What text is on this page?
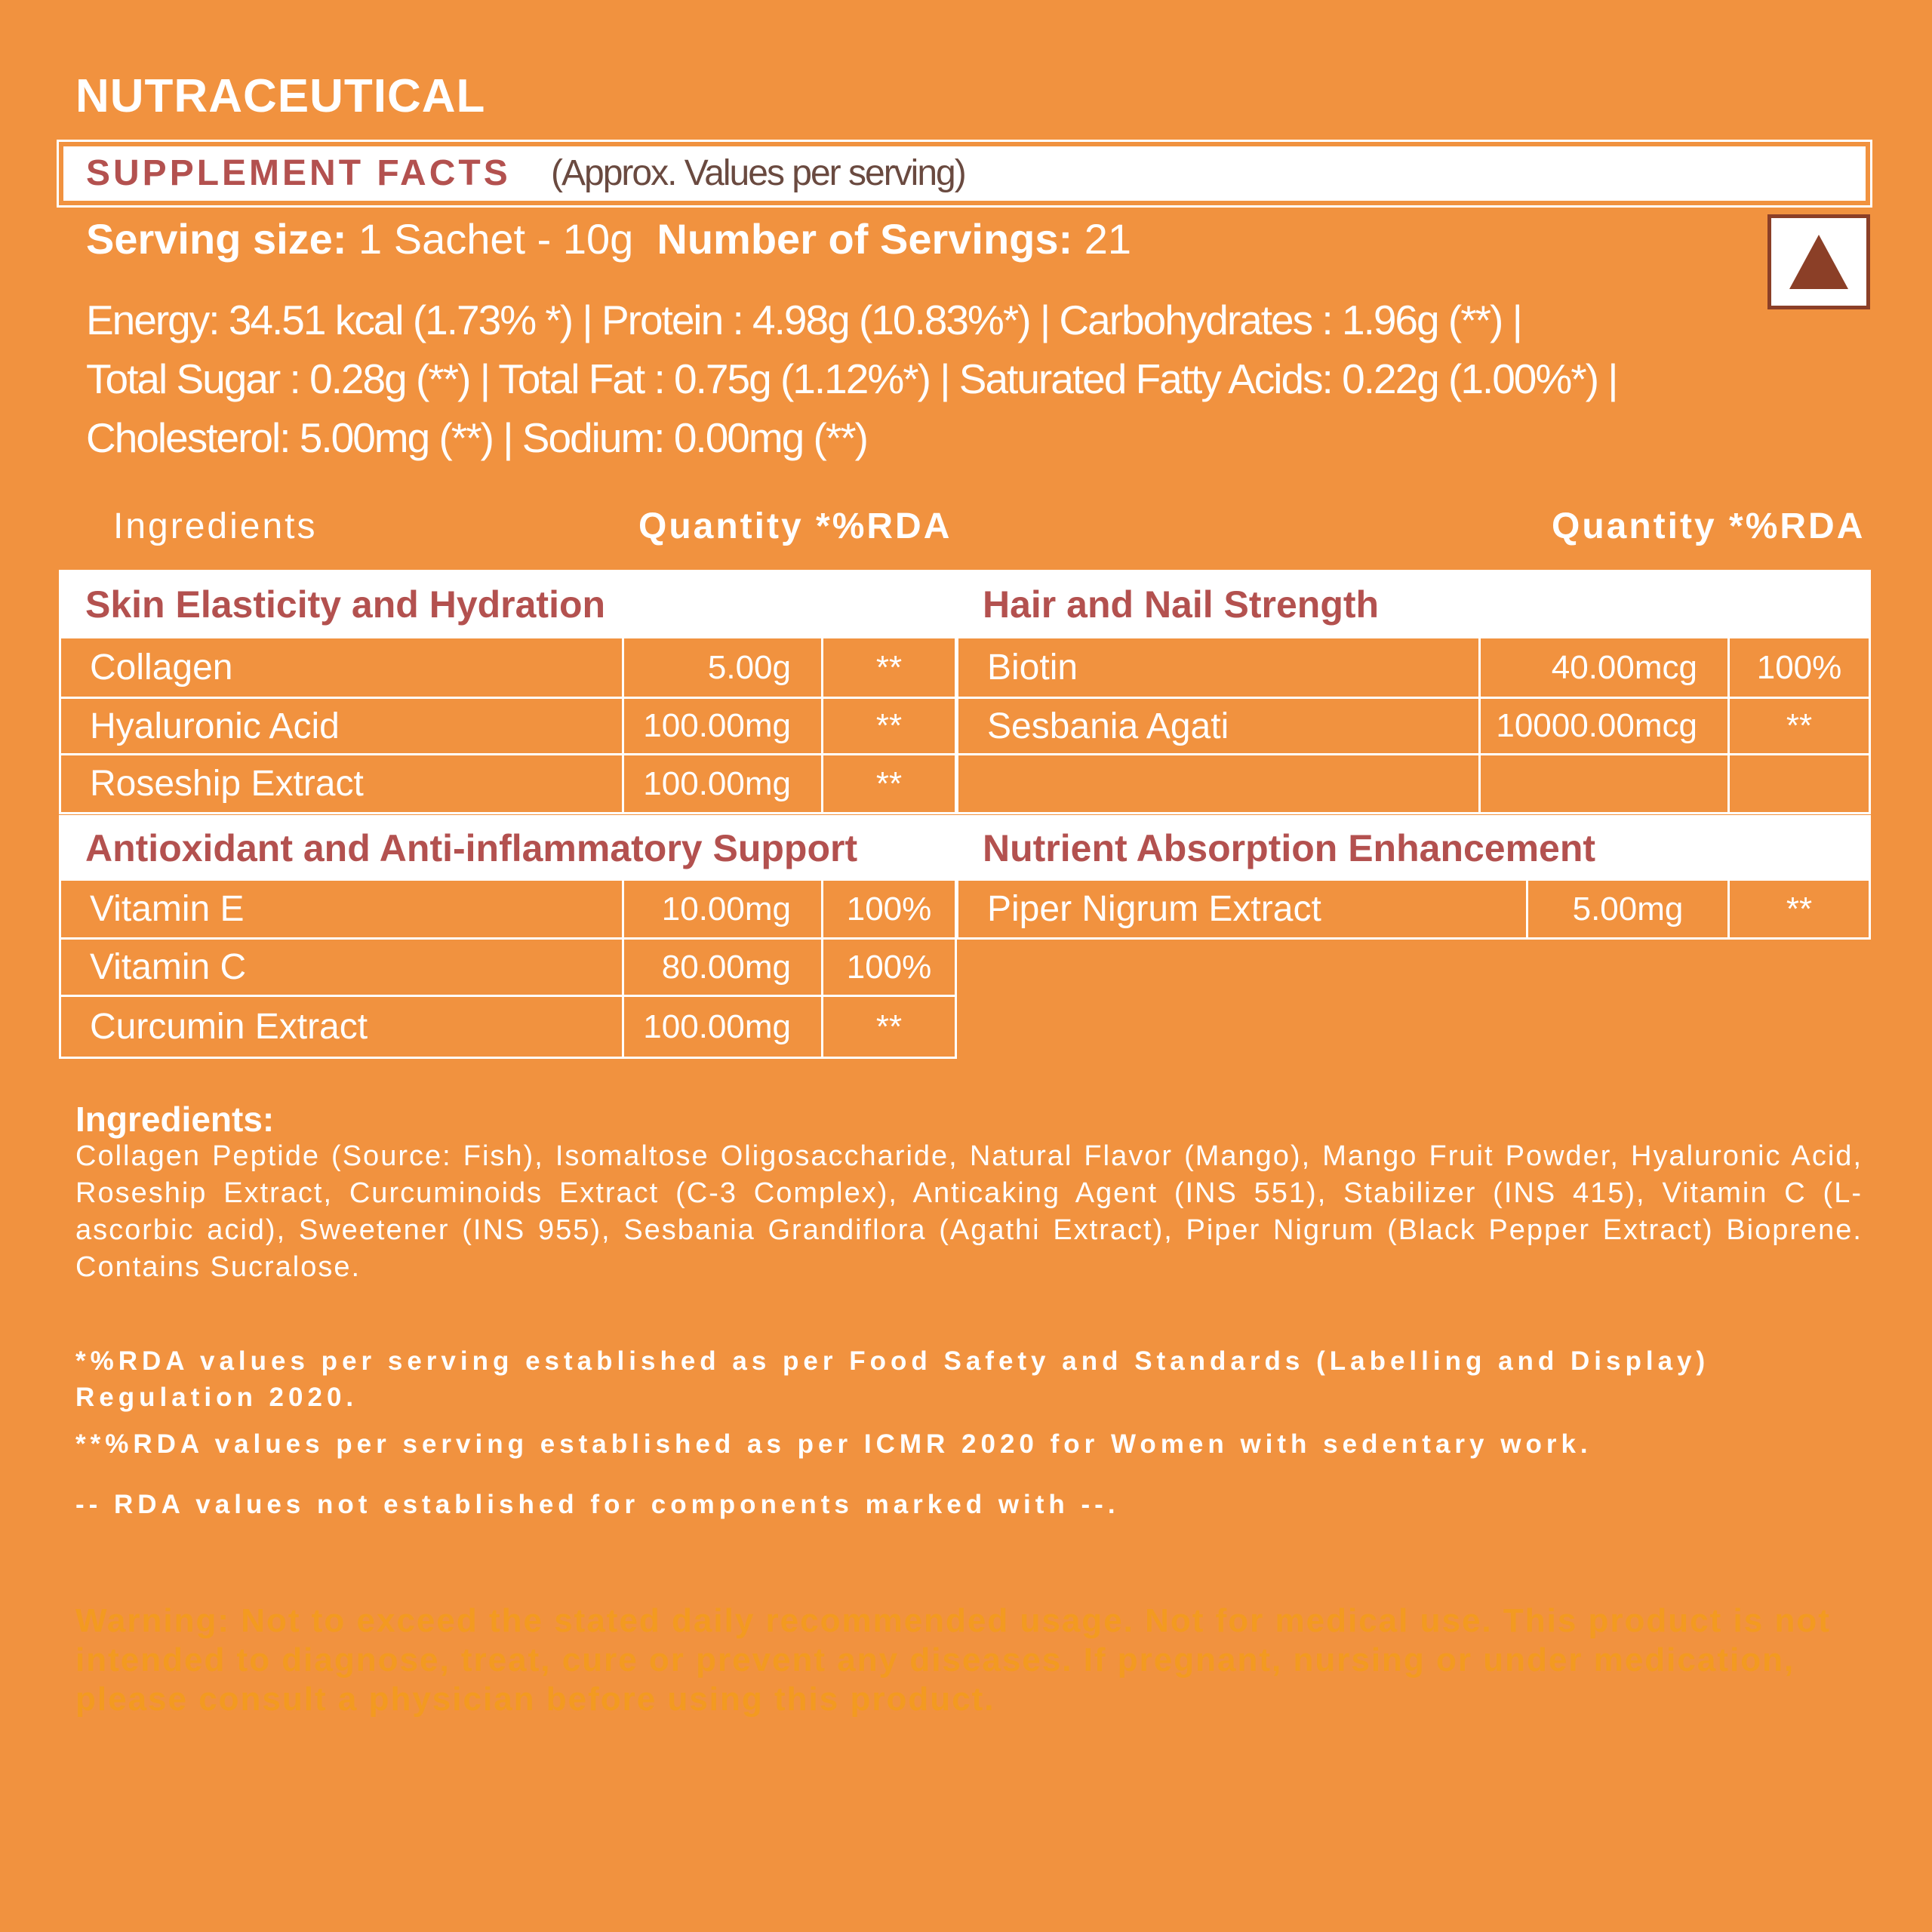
NUTRACEUTICAL
SUPPLEMENT FACTS (Approx. Values per serving)
Serving size: 1 Sachet - 10g Number of Servings: 21
Energy: 34.51 kcal (1.73% *) | Protein : 4.98g (10.83%*) | Carbohydrates : 1.96g (**) |
Total Sugar : 0.28g (**) | Total Fat : 0.75g (1.12%*) | Saturated Fatty Acids: 0.22g (1.00%*) |
Cholesterol: 5.00mg (**) | Sodium: 0.00mg (**)
Ingredients	Quantity *%RDA	Quantity *%RDA
Skin Elasticity and Hydration		
Collagen	5.00g	**
Hyaluronic Acid	100.00mg	**
Roseship Extract	100.00mg	**
Hair and Nail Strength		
Biotin	40.00mcg	100%
Sesbania Agati	10000.00mcg	**

Antioxidant and Anti-inflammatory Support		
Vitamin E	10.00mg	100%
Vitamin C	80.00mg	100%
Curcumin Extract	100.00mg	**
Nutrient Absorption Enhancement
Piper Nigrum Extract	5.00mg	**
Ingredients:
Collagen Peptide (Source: Fish), Isomaltose Oligosaccharide, Natural Flavor (Mango), Mango Fruit Powder, Hyaluronic Acid, Roseship Extract, Curcuminoids Extract (C-3 Complex), Anticaking Agent (INS 551), Stabilizer (INS 415), Vitamin C (L-ascorbic acid), Sweetener (INS 955), Sesbania Grandiflora (Agathi Extract), Piper Nigrum (Black Pepper Extract) Bioprene. Contains Sucralose.
*%RDA values per serving established as per Food Safety and Standards (Labelling and Display) Regulation 2020.
**%RDA values per serving established as per ICMR 2020 for Women with sedentary work.
-- RDA values not established for components marked with --.
Warning: Not to exceed the stated daily recommended usage. Not for medical use. This product is not intended to diagnose, treat, cure or prevent any diseases. If pregnant, nursing or under medication, please consult a physician before using this product.
